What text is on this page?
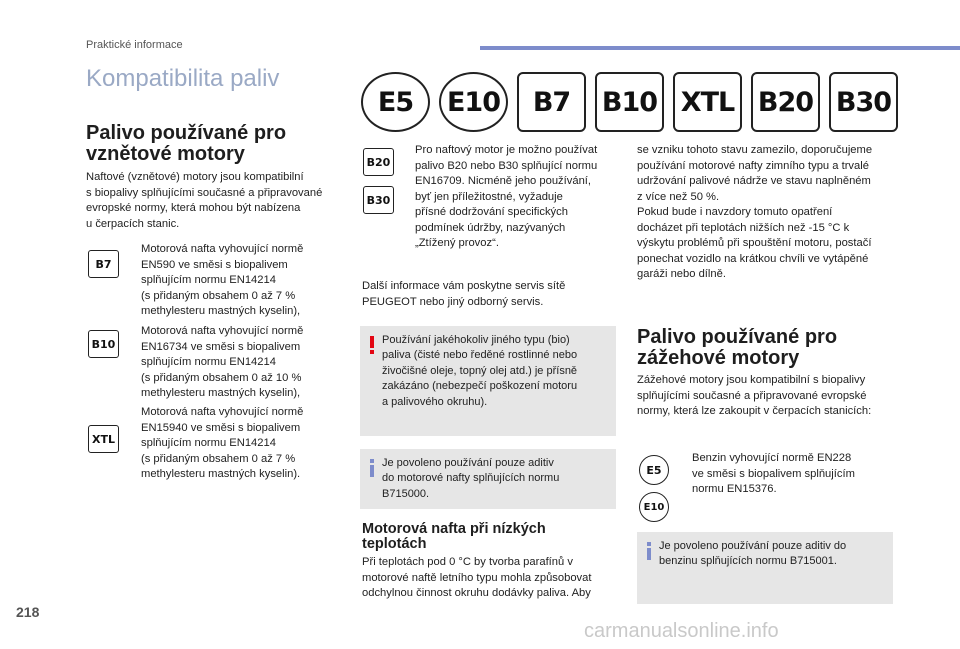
Praktické informace
Kompatibilita paliv
E5	E10	B7	B10 XTL B20 B30
Palivo používané pro
vznětové motory
Naftové (vznětové) motory jsou kompatibilní
s biopalivy splňujícími současné a připravované
evropské normy, která mohou být nabízena
u čerpacích stanic.
B7
Motorová nafta vyhovující normě
EN590 ve směsi s biopalivem
splňujícím normu EN14214
(s přidaným obsahem 0 až 7 %
methylesteru mastných kyselin),
B10
Motorová nafta vyhovující normě
EN16734 ve směsi s biopalivem
splňujícím normu EN14214
(s přidaným obsahem 0 až 10 %
methylesteru mastných kyselin),
XTL
Motorová nafta vyhovující normě
EN15940 ve směsi s biopalivem
splňujícím normu EN14214
(s přidaným obsahem 0 až 7 %
methylesteru mastných kyselin).
B20
B30
Pro naftový motor je možno používat
palivo B20 nebo B30 splňující normu
EN16709. Nicméně jeho používání,
byť jen příležitostné, vyžaduje
přísné dodržování specifických
podmínek údržby, nazývaných
„Ztížený provoz“.
Další informace vám poskytne servis sítě
PEUGEOT nebo jiný odborný servis.
Používání jakéhokoliv jiného typu (bio)
paliva (čisté nebo ředěné rostlinné nebo
živočišné oleje, topný olej atd.) je přísně
zakázáno (nebezpečí poškození motoru
a palivového okruhu).
Je povoleno používání pouze aditiv
do motorové nafty splňujících normu
B715000.
Motorová nafta při nízkých
teplotách
Při teplotách pod 0 °C by tvorba parafínů v
motorové naftě letního typu mohla způsobovat
odchylnou činnost okruhu dodávky paliva. Aby
se vzniku tohoto stavu zamezilo, doporučujeme
používání motorové nafty zimního typu a trvalé
udržování palivové nádrže ve stavu naplněném
z více než 50 %.
Pokud bude i navzdory tomuto opatření
docházet při teplotách nižších než -15 °C k
výskytu problémů při spouštění motoru, postačí
ponechat vozidlo na krátkou chvíli ve vytápěné
garáži nebo dílně.
Palivo používané pro
zážehové motory
Zážehové motory jsou kompatibilní s biopalivy
splňujícími současné a připravované evropské
normy, která lze zakoupit v čerpacích stanicích:
E5
E10
Benzin vyhovující normě EN228
ve směsi s biopalivem splňujícím
normu EN15376.
Je povoleno používání pouze aditiv do
benzinu splňujících normu B715001.
218
carmanualsonline.info
